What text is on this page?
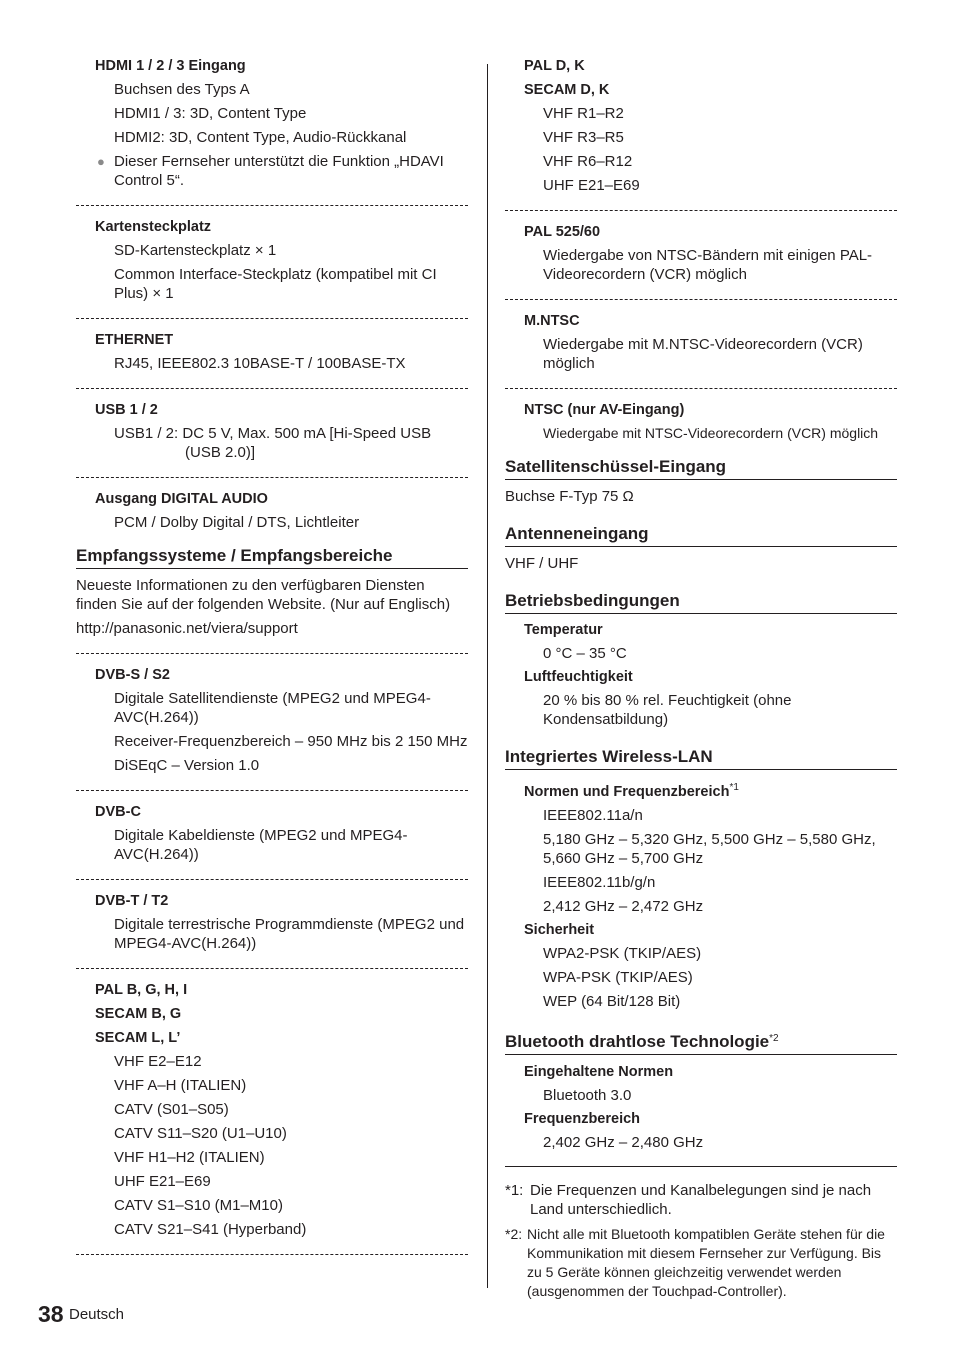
HDMI 1 / 2 / 3 Eingang
Buchsen des Typs A
HDMI1 / 3: 3D, Content Type
HDMI2: 3D, Content Type, Audio-Rückkanal
● Dieser Fernseher unterstützt die Funktion „HDAVI Control 5“.
Kartensteckplatz
SD-Kartensteckplatz × 1
Common Interface-Steckplatz (kompatibel mit CI Plus) × 1
ETHERNET
RJ45, IEEE802.3 10BASE-T / 100BASE-TX
USB 1 / 2
USB1 / 2: DC 5 V, Max. 500 mA [Hi-Speed USB
(USB 2.0)]
Ausgang DIGITAL AUDIO
PCM / Dolby Digital / DTS, Lichtleiter
Empfangssysteme / Empfangsbereiche
Neueste Informationen zu den verfügbaren Diensten finden Sie auf der folgenden Website. (Nur auf Englisch)
http://panasonic.net/viera/support
DVB-S / S2
Digitale Satellitendienste (MPEG2 und MPEG4-AVC(H.264))
Receiver-Frequenzbereich – 950 MHz bis 2 150 MHz
DiSEqC – Version 1.0
DVB-C
Digitale Kabeldienste (MPEG2 und MPEG4-AVC(H.264))
DVB-T / T2
Digitale terrestrische Programmdienste (MPEG2 und MPEG4-AVC(H.264))
PAL B, G, H, I
SECAM B, G
SECAM L, L’
VHF E2–E12
VHF A–H (ITALIEN)
CATV (S01–S05)
CATV S11–S20 (U1–U10)
VHF H1–H2 (ITALIEN)
UHF E21–E69
CATV S1–S10 (M1–M10)
CATV S21–S41 (Hyperband)
PAL D, K
SECAM D, K
VHF R1–R2
VHF R3–R5
VHF R6–R12
UHF E21–E69
PAL 525/60
Wiedergabe von NTSC-Bändern mit einigen PAL-Videorecordern (VCR) möglich
M.NTSC
Wiedergabe mit M.NTSC-Videorecordern (VCR) möglich
NTSC (nur AV-Eingang)
Wiedergabe mit NTSC-Videorecordern (VCR) möglich
Satellitenschüssel-Eingang
Buchse F-Typ 75 Ω
Antenneneingang
VHF / UHF
Betriebsbedingungen
Temperatur
0 °C – 35 °C
Luftfeuchtigkeit
20 % bis 80 % rel. Feuchtigkeit (ohne Kondensatbildung)
Integriertes Wireless-LAN
Normen und Frequenzbereich$^{*1}$
IEEE802.11a/n
5,180 GHz – 5,320 GHz, 5,500 GHz – 5,580 GHz, 5,660 GHz – 5,700 GHz
IEEE802.11b/g/n
2,412 GHz – 2,472 GHz
Sicherheit
WPA2-PSK (TKIP/AES)
WPA-PSK (TKIP/AES)
WEP (64 Bit/128 Bit)
Bluetooth drahtlose Technologie$^{*2}$
Eingehaltene Normen
Bluetooth 3.0
Frequenzbereich
2,402 GHz – 2,480 GHz
*1: Die Frequenzen und Kanalbelegungen sind je nach Land unterschiedlich.
*2: Nicht alle mit Bluetooth kompatiblen Geräte stehen für die Kommunikation mit diesem Fernseher zur Verfügung. Bis zu 5 Geräte können gleichzeitig verwendet werden (ausgenommen der Touchpad-Controller).
38 Deutsch
